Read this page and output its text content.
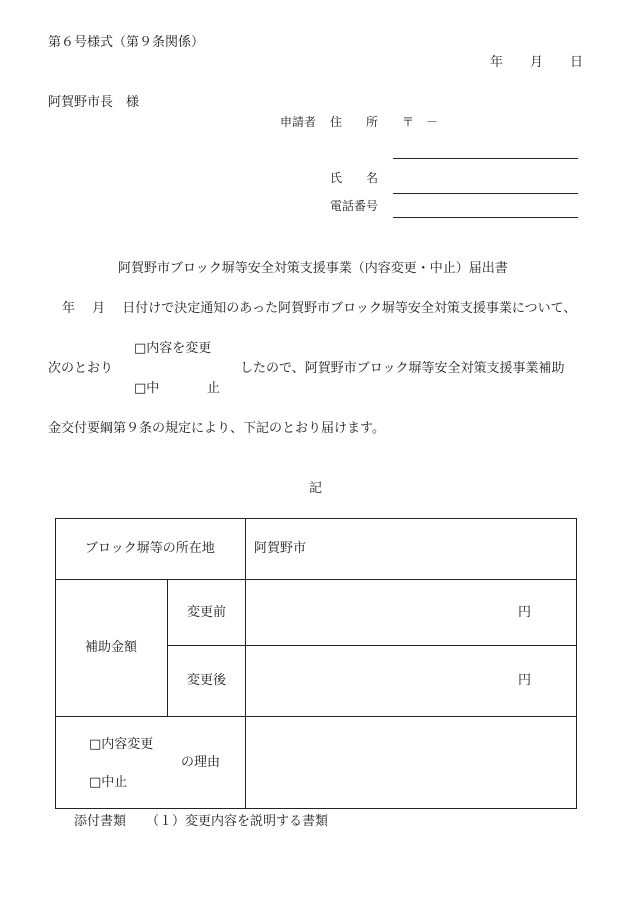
第６号様式（第９条関係）
年 月 日
阿賀野市長　様
申請者 住　　所 〒　－
氏　　名
電話番号
阿賀野市ブロック塀等安全対策支援事業（内容変更・中止）届出書
年　 月　 日付けで決定通知のあった阿賀野市ブロック塀等安全対策支援事業について、
□内容を変更
次のとおり	したので、阿賀野市ブロック塀等安全対策支援事業補助
□中	止
金交付要綱第９条の規定により、下記のとおり届けます。
記
ブロック塀等の所在地	阿賀野市
補助金額
変更前	円
変更後	円
□内容変更
の理由
□中止
添付書類 （１）変更内容を説明する書類
